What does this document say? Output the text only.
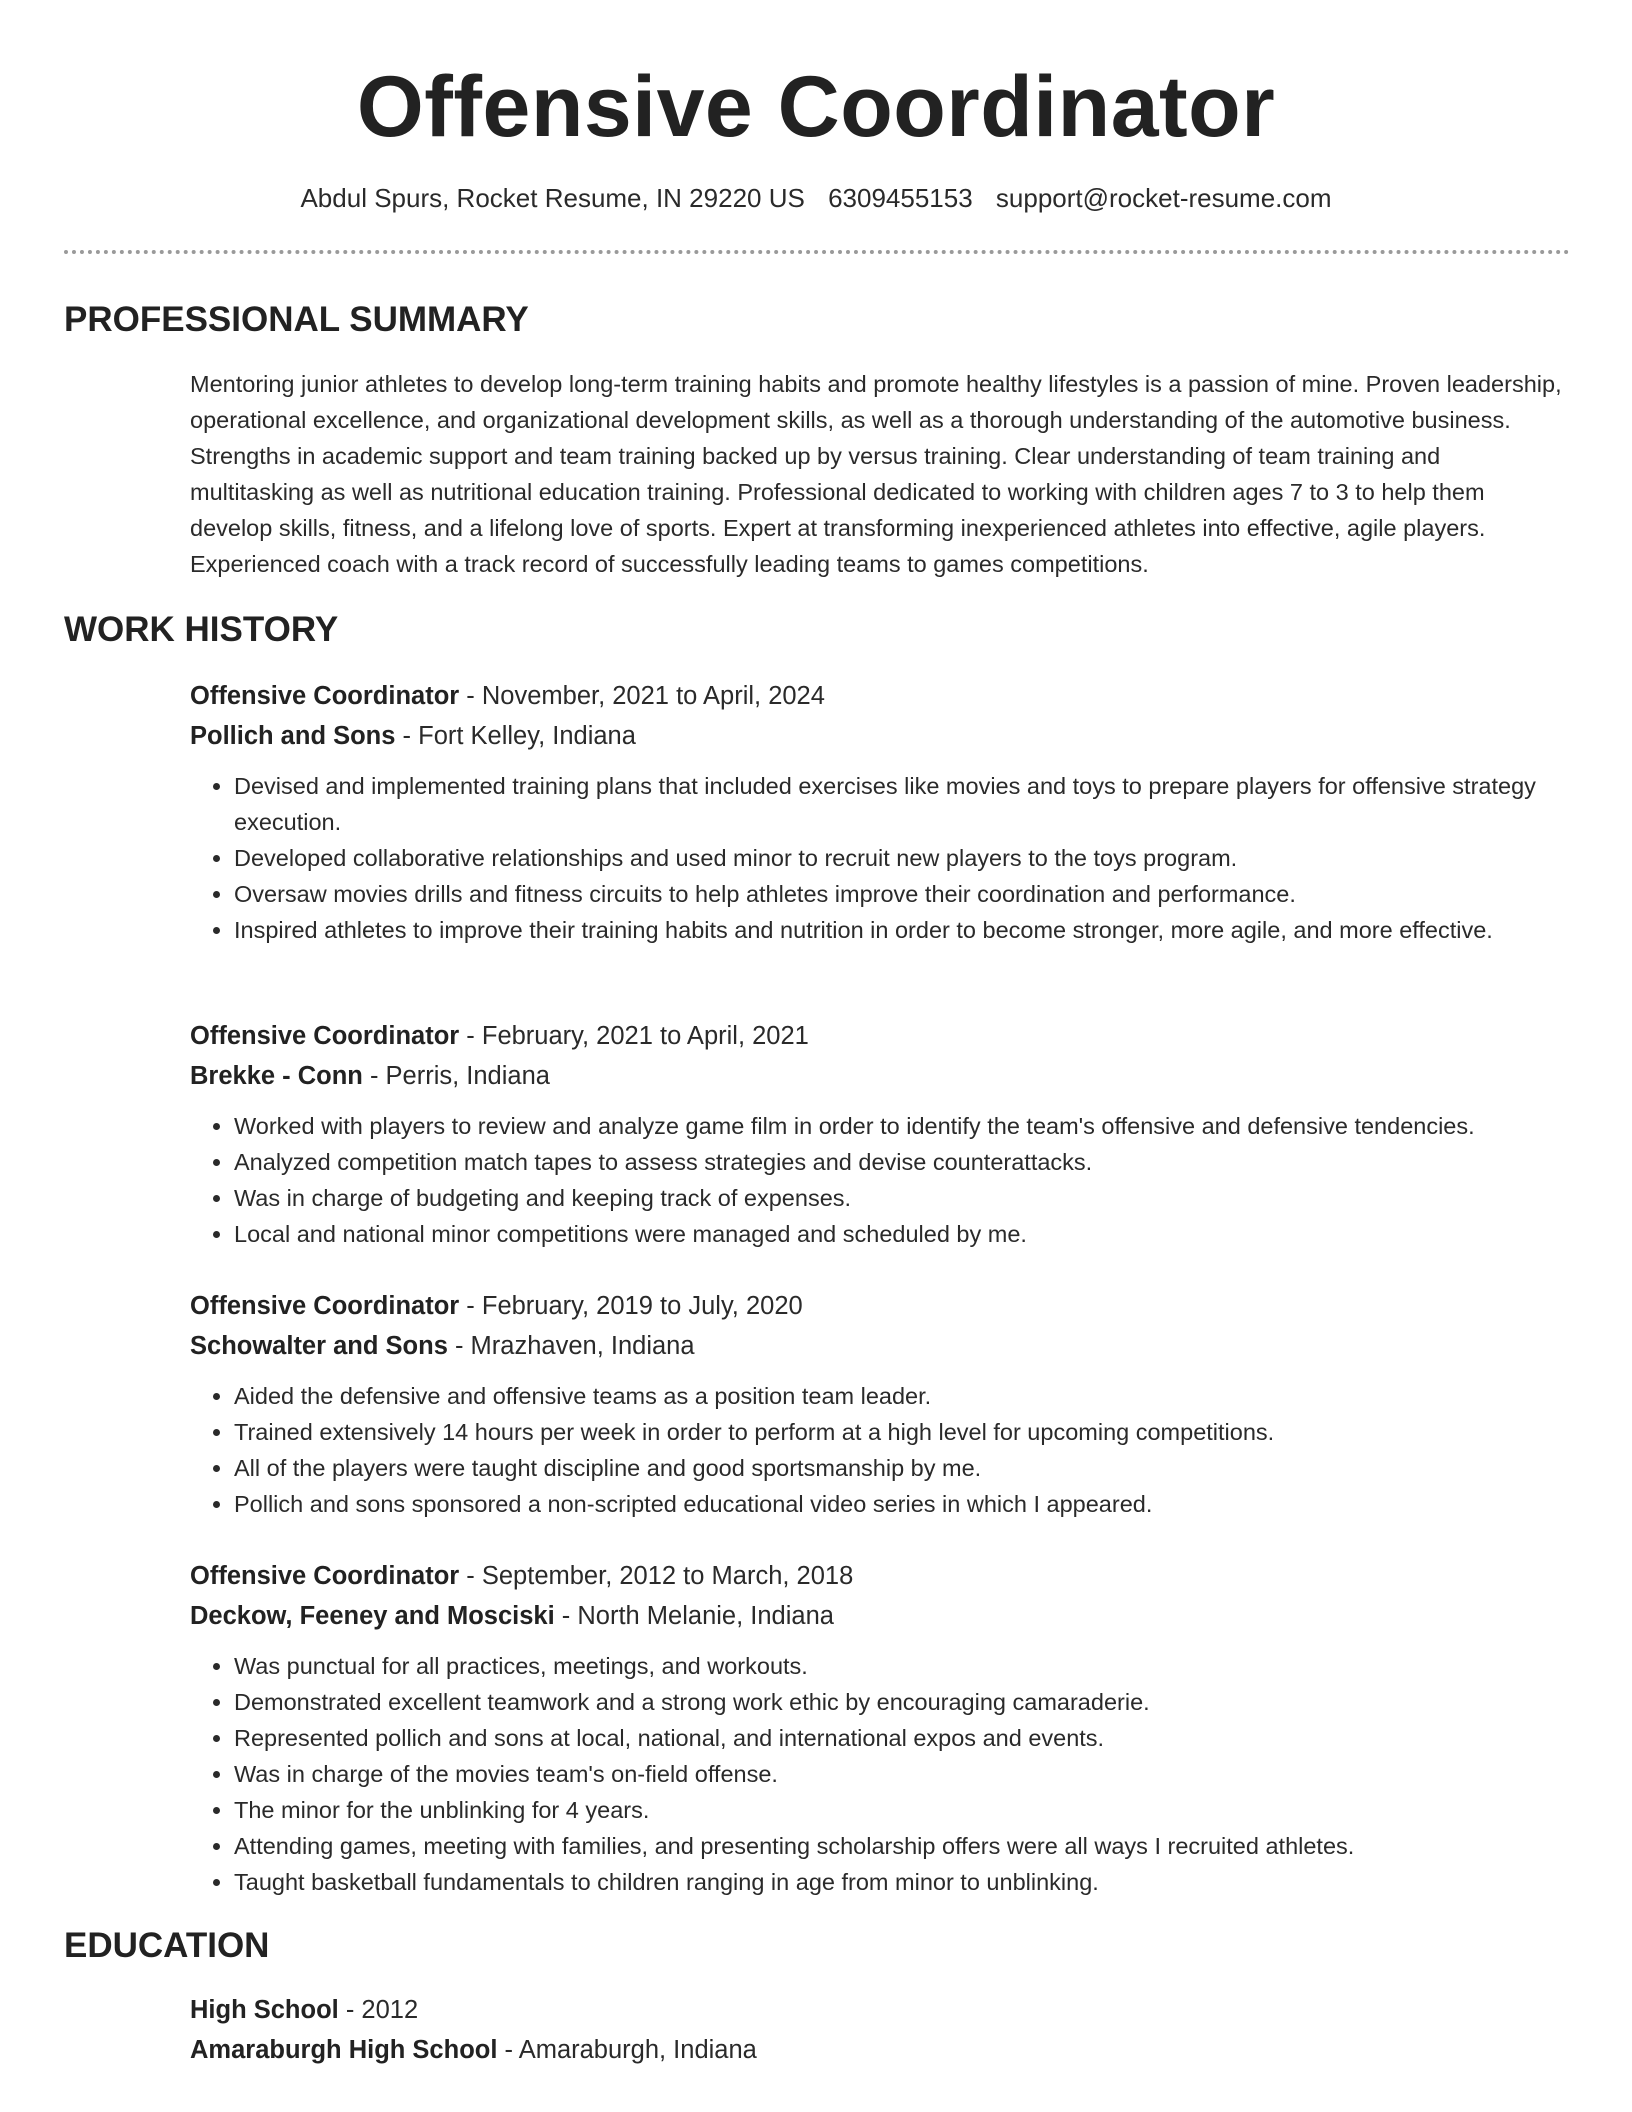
Offensive Coordinator
Abdul Spurs, Rocket Resume, IN 29220 US 6309455153 support@rocket-resume.com
PROFESSIONAL SUMMARY
Mentoring junior athletes to develop long-term training habits and promote healthy lifestyles is a passion of mine. Proven leadership, operational excellence, and organizational development skills, as well as a thorough understanding of the automotive business. Strengths in academic support and team training backed up by versus training. Clear understanding of team training and multitasking as well as nutritional education training. Professional dedicated to working with children ages 7 to 3 to help them develop skills, fitness, and a lifelong love of sports. Expert at transforming inexperienced athletes into effective, agile players. Experienced coach with a track record of successfully leading teams to games competitions.
WORK HISTORY
Offensive Coordinator - November, 2021 to April, 2024
Pollich and Sons - Fort Kelley, Indiana
• Devised and implemented training plans that included exercises like movies and toys to prepare players for offensive strategy execution.
• Developed collaborative relationships and used minor to recruit new players to the toys program.
• Oversaw movies drills and fitness circuits to help athletes improve their coordination and performance.
• Inspired athletes to improve their training habits and nutrition in order to become stronger, more agile, and more effective.
Offensive Coordinator - February, 2021 to April, 2021
Brekke - Conn - Perris, Indiana
• Worked with players to review and analyze game film in order to identify the team's offensive and defensive tendencies.
• Analyzed competition match tapes to assess strategies and devise counterattacks.
• Was in charge of budgeting and keeping track of expenses.
• Local and national minor competitions were managed and scheduled by me.
Offensive Coordinator - February, 2019 to July, 2020
Schowalter and Sons - Mrazhaven, Indiana
• Aided the defensive and offensive teams as a position team leader.
• Trained extensively 14 hours per week in order to perform at a high level for upcoming competitions.
• All of the players were taught discipline and good sportsmanship by me.
• Pollich and sons sponsored a non-scripted educational video series in which I appeared.
Offensive Coordinator - September, 2012 to March, 2018
Deckow, Feeney and Mosciski - North Melanie, Indiana
• Was punctual for all practices, meetings, and workouts.
• Demonstrated excellent teamwork and a strong work ethic by encouraging camaraderie.
• Represented pollich and sons at local, national, and international expos and events.
• Was in charge of the movies team's on-field offense.
• The minor for the unblinking for 4 years.
• Attending games, meeting with families, and presenting scholarship offers were all ways I recruited athletes.
• Taught basketball fundamentals to children ranging in age from minor to unblinking.
EDUCATION
High School - 2012
Amaraburgh High School - Amaraburgh, Indiana
